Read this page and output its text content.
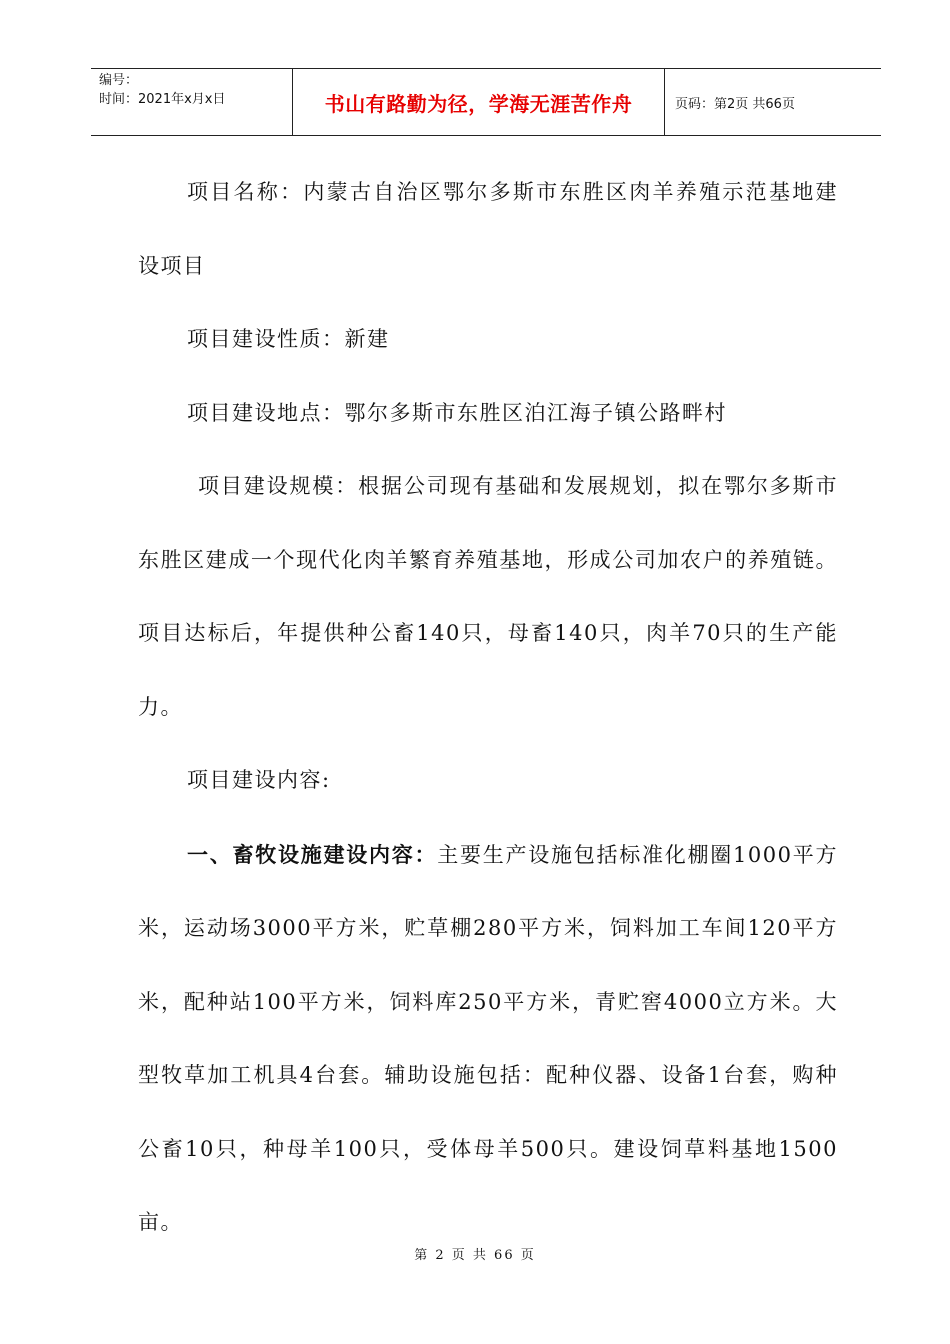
编号：
时间：2021年x月x日	书山有路勤为径，学海无涯苦作舟	页码：第2页 共66页

项目名称：内蒙古自治区鄂尔多斯市东胜区肉羊养殖示范基地建设项目

项目建设性质：新建

项目建设地点：鄂尔多斯市东胜区泊江海子镇公路畔村

项目建设规模：根据公司现有基础和发展规划，拟在鄂尔多斯市东胜区建成一个现代化肉羊繁育养殖基地，形成公司加农户的养殖链。项目达标后，年提供种公畜140只，母畜140只，肉羊70只的生产能力。

项目建设内容:

一、畜牧设施建设内容：主要生产设施包括标准化棚圈1000平方米，运动场3000平方米，贮草棚280平方米，饲料加工车间120平方米，配种站100平方米，饲料库250平方米，青贮窖4000立方米。大型牧草加工机具4台套。辅助设施包括：配种仪器、设备1台套，购种公畜10只，种母羊100只，受体母羊500只。建设饲草料基地1500亩。

第 2 页 共 66 页
